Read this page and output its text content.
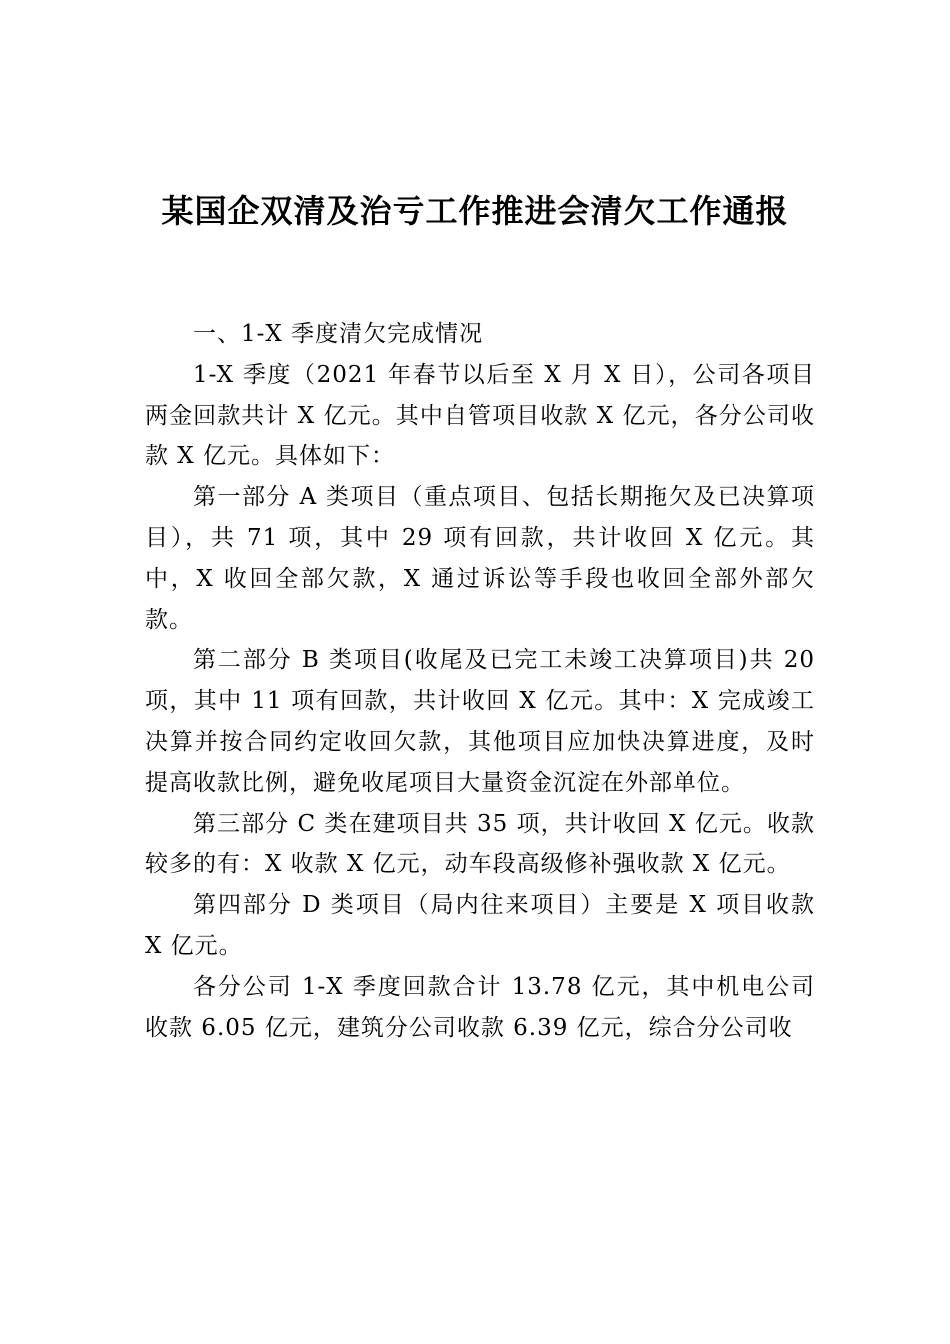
某国企双清及治亏工作推进会清欠工作通报

一、1-X 季度清欠完成情况

1-X 季度（2021 年春节以后至 X 月 X 日），公司各项目两金回款共计 X 亿元。其中自管项目收款 X 亿元，各分公司收款 X 亿元。具体如下：

第一部分 A 类项目（重点项目、包括长期拖欠及已决算项目），共 71 项，其中 29 项有回款，共计收回 X 亿元。其中，X 收回全部欠款，X 通过诉讼等手段也收回全部外部欠款。

第二部分 B 类项目(收尾及已完工未竣工决算项目)共 20 项，其中 11 项有回款，共计收回 X 亿元。其中：X 完成竣工决算并按合同约定收回欠款，其他项目应加快决算进度，及时提高收款比例，避免收尾项目大量资金沉淀在外部单位。

第三部分 C 类在建项目共 35 项，共计收回 X 亿元。收款较多的有：X 收款 X 亿元，动车段高级修补强收款 X 亿元。

第四部分 D 类项目（局内往来项目）主要是 X 项目收款 X 亿元。

各分公司 1-X 季度回款合计 13.78 亿元，其中机电公司收款 6.05 亿元，建筑分公司收款 6.39 亿元，综合分公司收
